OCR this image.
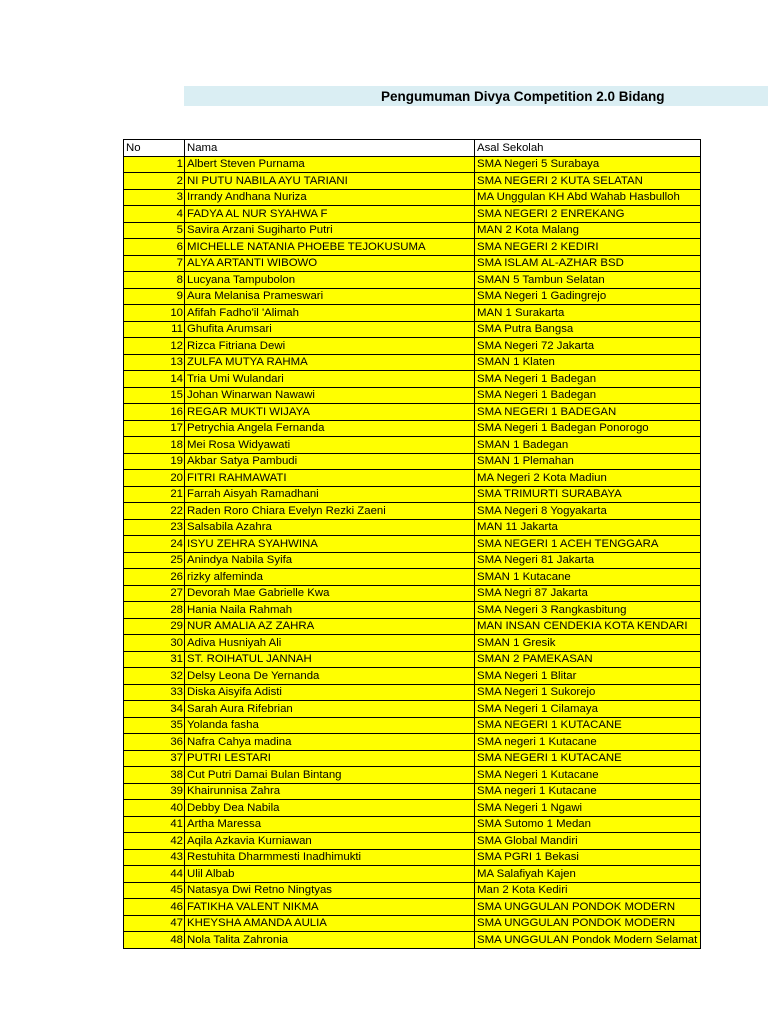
Pengumuman Divya Competition 2.0 Bidang
No	Nama	Asal Sekolah
1	Albert Steven Purnama	SMA Negeri 5 Surabaya
2	NI PUTU NABILA AYU TARIANI	SMA NEGERI 2 KUTA SELATAN
3	Irrandy Andhana Nuriza	MA Unggulan KH Abd Wahab Hasbulloh
4	FADYA AL NUR SYAHWA F	SMA NEGERI 2 ENREKANG
5	Savira Arzani Sugiharto Putri	MAN 2 Kota Malang
6	MICHELLE NATANIA PHOEBE TEJOKUSUMA	SMA NEGERI 2 KEDIRI
7	ALYA ARTANTI WIBOWO	SMA ISLAM AL-AZHAR BSD
8	Lucyana Tampubolon	SMAN 5 Tambun Selatan
9	Aura Melanisa Prameswari	SMA Negeri 1 Gadingrejo
10	Afifah Fadho'il 'Alimah	MAN 1 Surakarta
11	Ghufita Arumsari	SMA Putra Bangsa
12	Rizca Fitriana Dewi	SMA Negeri 72 Jakarta
13	ZULFA MUTYA RAHMA	SMAN 1 Klaten
14	Tria Umi Wulandari	SMA Negeri 1 Badegan
15	Johan Winarwan Nawawi	SMA Negeri 1 Badegan
16	REGAR MUKTI WIJAYA	SMA NEGERI 1 BADEGAN
17	Petrychia Angela Fernanda	SMA Negeri 1 Badegan Ponorogo
18	Mei Rosa Widyawati	SMAN 1 Badegan
19	Akbar Satya Pambudi	SMAN 1 Plemahan
20	FITRI RAHMAWATI	MA Negeri 2 Kota Madiun
21	Farrah Aisyah Ramadhani	SMA TRIMURTI SURABAYA
22	Raden Roro Chiara Evelyn Rezki Zaeni	SMA Negeri 8 Yogyakarta
23	Salsabila Azahra	MAN 11 Jakarta
24	ISYU ZEHRA SYAHWINA	SMA NEGERI 1 ACEH TENGGARA
25	Anindya Nabila Syifa	SMA Negeri 81 Jakarta
26	rizky alfeminda	SMAN 1 Kutacane
27	Devorah Mae Gabrielle Kwa	SMA Negri 87 Jakarta
28	Hania Naila Rahmah	SMA Negeri 3 Rangkasbitung
29	NUR AMALIA AZ ZAHRA	MAN INSAN CENDEKIA KOTA KENDARI
30	Adiva Husniyah Ali	SMAN 1 Gresik
31	ST. ROIHATUL JANNAH	SMAN 2 PAMEKASAN
32	Delsy Leona De Yernanda	SMA Negeri 1 Blitar
33	Diska Aisyifa Adisti	SMA Negeri 1 Sukorejo
34	Sarah Aura Rifebrian	SMA Negeri 1 Cilamaya
35	Yolanda fasha	SMA NEGERI 1 KUTACANE
36	Nafra Cahya madina	SMA negeri 1 Kutacane
37	PUTRI LESTARI	SMA NEGERI 1 KUTACANE
38	Cut Putri Damai Bulan Bintang	SMA Negeri 1 Kutacane
39	Khairunnisa Zahra	SMA negeri 1 Kutacane
40	Debby Dea Nabila	SMA Negeri 1 Ngawi
41	Artha Maressa	SMA Sutomo 1 Medan
42	Aqila Azkavia Kurniawan	SMA Global Mandiri
43	Restuhita Dharmmesti Inadhimukti	SMA PGRI 1 Bekasi
44	Ulil Albab	MA Salafiyah Kajen
45	Natasya Dwi Retno Ningtyas	Man 2 Kota Kediri
46	FATIKHA VALENT NIKMA	SMA UNGGULAN PONDOK MODERN
47	KHEYSHA AMANDA AULIA	SMA UNGGULAN PONDOK MODERN
48	Nola Talita Zahronia	SMA UNGGULAN Pondok Modern Selamat
